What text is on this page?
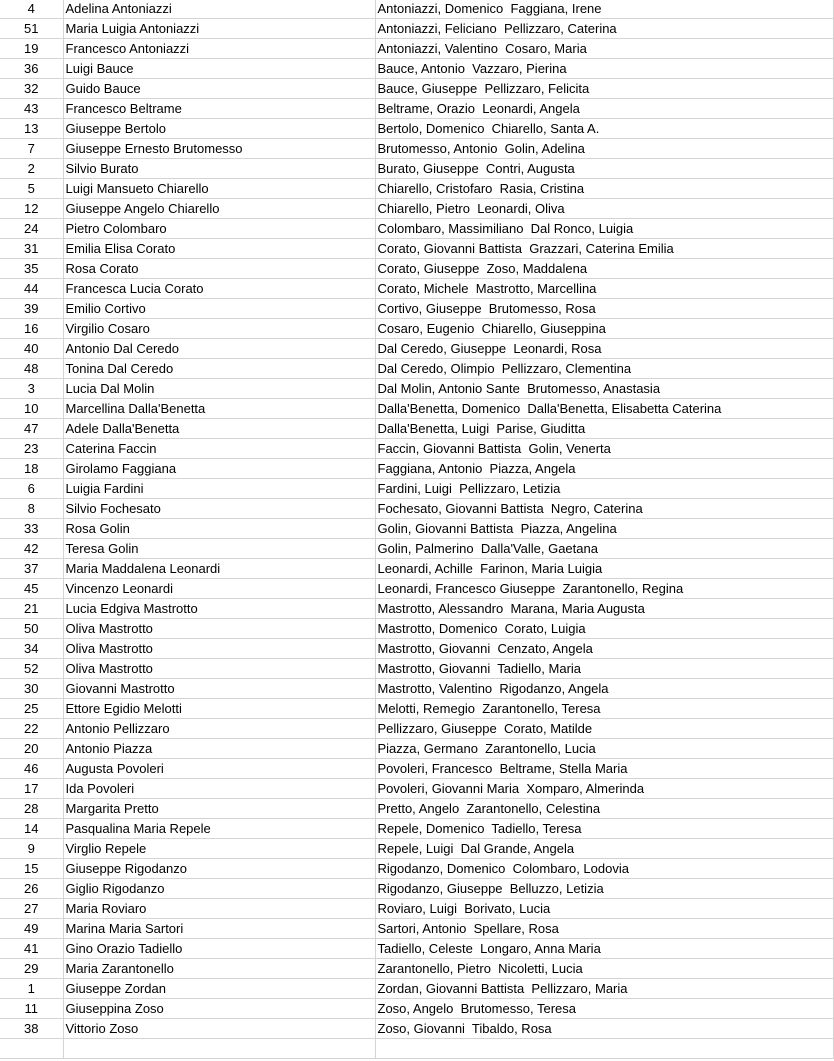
4	Adelina Antoniazzi	Antoniazzi, Domenico  Faggiana, Irene
51	Maria Luigia Antoniazzi	Antoniazzi, Feliciano  Pellizzaro, Caterina
19	Francesco Antoniazzi	Antoniazzi, Valentino  Cosaro, Maria
36	Luigi Bauce	Bauce, Antonio  Vazzaro, Pierina
32	Guido Bauce	Bauce, Giuseppe  Pellizzaro, Felicita
43	Francesco Beltrame	Beltrame, Orazio  Leonardi, Angela
13	Giuseppe Bertolo	Bertolo, Domenico  Chiarello, Santa A.
7	Giuseppe Ernesto Brutomesso	Brutomesso, Antonio  Golin, Adelina
2	Silvio Burato	Burato, Giuseppe  Contri, Augusta
5	Luigi Mansueto Chiarello	Chiarello, Cristofaro  Rasia, Cristina
12	Giuseppe Angelo Chiarello	Chiarello, Pietro  Leonardi, Oliva
24	Pietro Colombaro	Colombaro, Massimiliano  Dal Ronco, Luigia
31	Emilia Elisa Corato	Corato, Giovanni Battista  Grazzari, Caterina Emilia
35	Rosa Corato	Corato, Giuseppe  Zoso, Maddalena
44	Francesca Lucia Corato	Corato, Michele  Mastrotto, Marcellina
39	Emilio Cortivo	Cortivo, Giuseppe  Brutomesso, Rosa
16	Virgilio Cosaro	Cosaro, Eugenio  Chiarello, Giuseppina
40	Antonio Dal Ceredo	Dal Ceredo, Giuseppe  Leonardi, Rosa
48	Tonina Dal Ceredo	Dal Ceredo, Olimpio  Pellizzaro, Clementina
3	Lucia Dal Molin	Dal Molin, Antonio Sante  Brutomesso, Anastasia
10	Marcellina Dalla'Benetta	Dalla'Benetta, Domenico  Dalla'Benetta, Elisabetta Caterina
47	Adele Dalla'Benetta	Dalla'Benetta, Luigi  Parise, Giuditta
23	Caterina Faccin	Faccin, Giovanni Battista  Golin, Venerta
18	Girolamo Faggiana	Faggiana, Antonio  Piazza, Angela
6	Luigia Fardini	Fardini, Luigi  Pellizzaro, Letizia
8	Silvio Fochesato	Fochesato, Giovanni Battista  Negro, Caterina
33	Rosa Golin	Golin, Giovanni Battista  Piazza, Angelina
42	Teresa Golin	Golin, Palmerino  Dalla'Valle, Gaetana
37	Maria Maddalena Leonardi	Leonardi, Achille  Farinon, Maria Luigia
45	Vincenzo Leonardi	Leonardi, Francesco Giuseppe  Zarantonello, Regina
21	Lucia Edgiva Mastrotto	Mastrotto, Alessandro  Marana, Maria Augusta
50	Oliva Mastrotto	Mastrotto, Domenico  Corato, Luigia
34	Oliva Mastrotto	Mastrotto, Giovanni  Cenzato, Angela
52	Oliva Mastrotto	Mastrotto, Giovanni  Tadiello, Maria
30	Giovanni Mastrotto	Mastrotto, Valentino  Rigodanzo, Angela
25	Ettore Egidio Melotti	Melotti, Remegio  Zarantonello, Teresa
22	Antonio Pellizzaro	Pellizzaro, Giuseppe  Corato, Matilde
20	Antonio Piazza	Piazza, Germano  Zarantonello, Lucia
46	Augusta Povoleri	Povoleri, Francesco  Beltrame, Stella Maria
17	Ida Povoleri	Povoleri, Giovanni Maria  Xomparo, Almerinda
28	Margarita Pretto	Pretto, Angelo  Zarantonello, Celestina
14	Pasqualina Maria Repele	Repele, Domenico  Tadiello, Teresa
9	Virglio Repele	Repele, Luigi  Dal Grande, Angela
15	Giuseppe Rigodanzo	Rigodanzo, Domenico  Colombaro, Lodovia
26	Giglio Rigodanzo	Rigodanzo, Giuseppe  Belluzzo, Letizia
27	Maria Roviaro	Roviaro, Luigi  Borivato, Lucia
49	Marina Maria Sartori	Sartori, Antonio  Spellare, Rosa
41	Gino Orazio Tadiello	Tadiello, Celeste  Longaro, Anna Maria
29	Maria Zarantonello	Zarantonello, Pietro  Nicoletti, Lucia
1	Giuseppe Zordan	Zordan, Giovanni Battista  Pellizzaro, Maria
11	Giuseppina Zoso	Zoso, Angelo  Brutomesso, Teresa
38	Vittorio Zoso	Zoso, Giovanni  Tibaldo, Rosa
